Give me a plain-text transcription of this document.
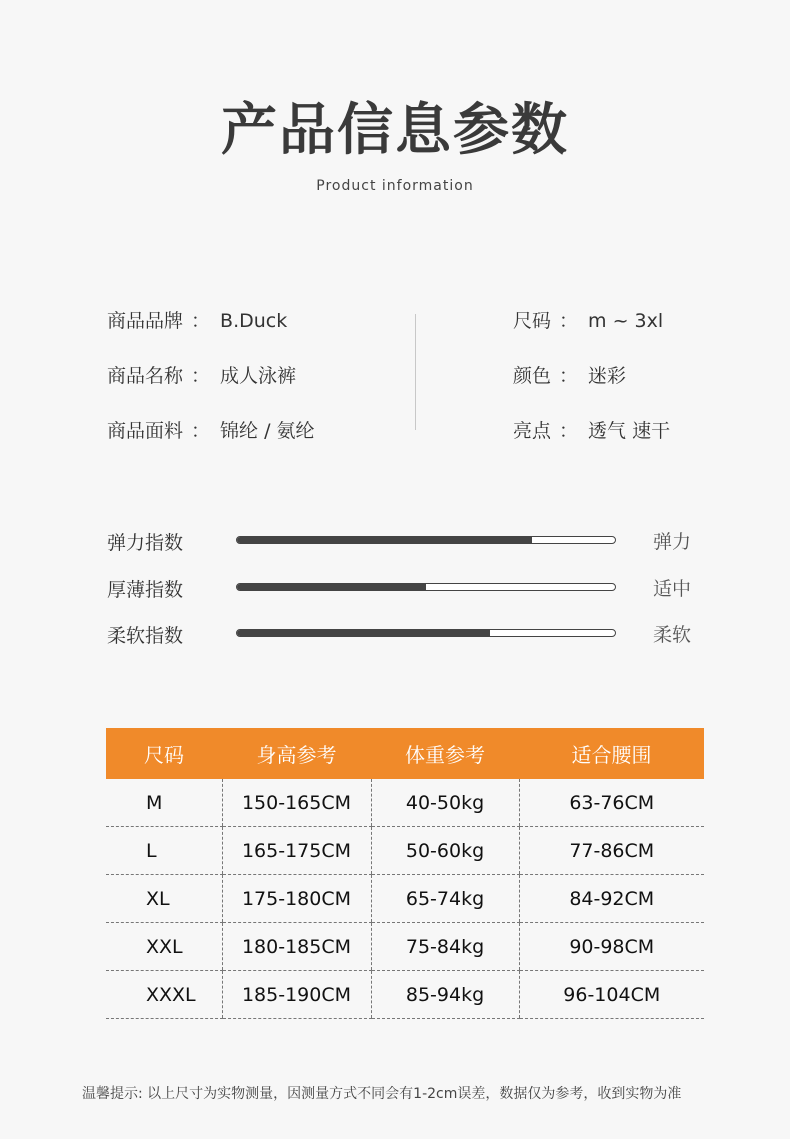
产品信息参数
Product information
商品品牌 ： B.Duck
商品名称 ： 成人泳裤
商品面料 ： 锦纶 / 氨纶
尺码 ： m ~ 3xl
颜色 ： 迷彩
亮点 ： 透气 速干
弹力指数	弹力
厚薄指数	适中
柔软指数	柔软
尺码	身高参考	体重参考	适合腰围
M	150-165CM	40-50kg	63-76CM
L	165-175CM	50-60kg	77-86CM
XL	175-180CM	65-74kg	84-92CM
XXL	180-185CM	75-84kg	90-98CM
XXXL	185-190CM	85-94kg	96-104CM
温馨提示: 以上尺寸为实物测量，因测量方式不同会有1-2cm误差，数据仅为参考，收到实物为准
